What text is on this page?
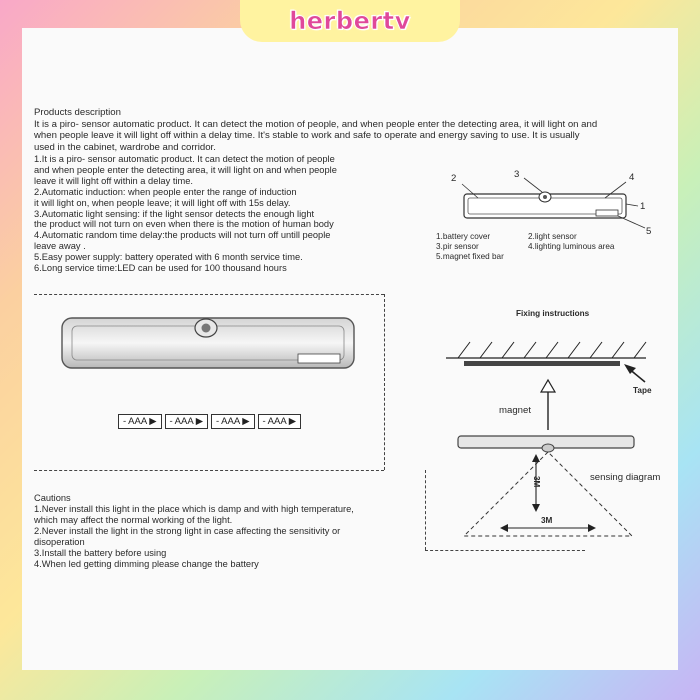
herbertv
Products description
It is a piro- sensor automatic product. It can detect the motion of people, and when people enter the detecting area, it will light on and
when people leave it will light off within a delay time. It's stable to work and safe to operate and energy saving to use. It is usually
used in the cabinet, wardrobe and corridor.
1.It is a piro- sensor automatic product. It can detect the motion of people
and when people enter the detecting area, it will light on and when people
leave it will light off within a delay time.
2.Automatic induction: when people enter the range of induction
it will light on, when people leave; it will light off with 15s delay.
3.Automatic light sensing: if the light sensor detects the enough light
the product will not turn on even when there is the motion of human body
4.Automatic random time delay:the products will not turn off untill people
leave away .
5.Easy power supply: battery operated with 6 month service time.
6.Long service time:LED can be used for 100 thousand hours
2	3	4
1
5
1.battery cover	2.light sensor
3.pir sensor	4.lighting luminous area
5.magnet fixed bar
- AAA ▶ - AAA ▶ - AAA ▶ - AAA ▶
Fixing instructions
Tape
magnet
sensing diagram
3M
3M
Cautions
1.Never install this light in the place which is damp and with high temperature,
which may affect the normal working of the light.
2.Never install the light in the strong light in case affecting the sensitivity or
disoperation
3.Install the battery before using
4.When led getting dimming please change the battery
